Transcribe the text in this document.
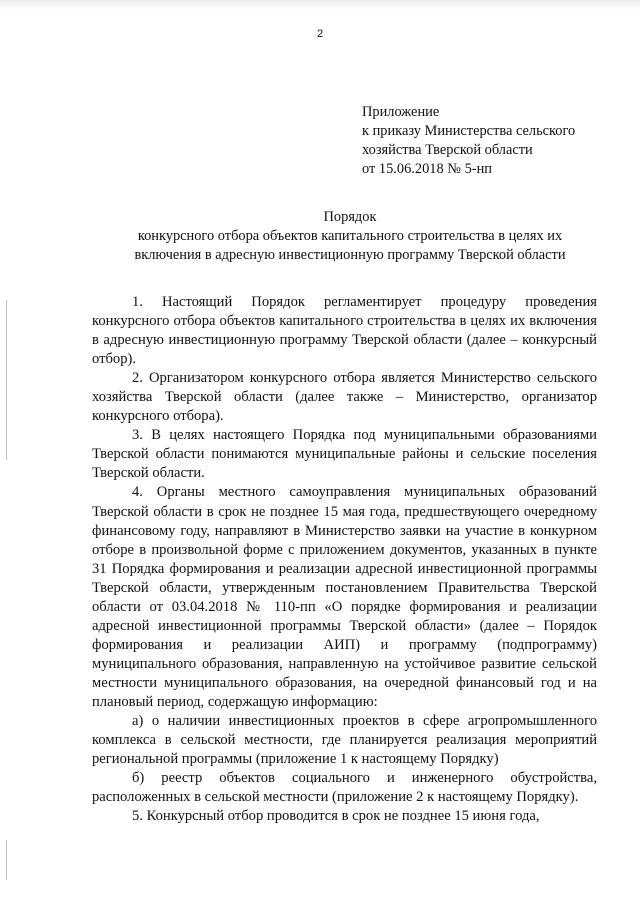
2
Приложение
к приказу Министерства сельского
хозяйства Тверской области
от 15.06.2018 № 5-нп
Порядок
конкурсного отбора объектов капитального строительства в целях их
включения в адресную инвестиционную программу Тверской области

1. Настоящий Порядок регламентирует процедуру проведения конкурсного отбора объектов капитального строительства в целях их включения в адресную инвестиционную программу Тверской области (далее – конкурсный отбор).

2. Организатором конкурсного отбора является Министерство сельского хозяйства Тверской области (далее также – Министерство, организатор конкурсного отбора).

3. В целях настоящего Порядка под муниципальными образованиями Тверской области понимаются муниципальные районы и сельские поселения Тверской области.

4. Органы местного самоуправления муниципальных образований Тверской области в срок не позднее 15 мая года, предшествующего очередному финансовому году, направляют в Министерство заявки на участие в конкурном отборе в произвольной форме с приложением документов, указанных в пункте 31 Порядка формирования и реализации адресной инвестиционной программы Тверской области, утвержденным постановлением Правительства Тверской области от 03.04.2018 № 110-пп «О порядке формирования и реализации адресной инвестиционной программы Тверской области» (далее – Порядок формирования и реализации АИП) и программу (подпрограмму) муниципального образования, направленную на устойчивое развитие сельской местности муниципального образования, на очередной финансовый год и на плановый период, содержащую информацию:

а) о наличии инвестиционных проектов в сфере агропромышленного комплекса в сельской местности, где планируется реализация мероприятий региональной программы (приложение 1 к настоящему Порядку)

б) реестр объектов социального и инженерного обустройства, расположенных в сельской местности (приложение 2 к настоящему Порядку).

5. Конкурсный отбор проводится в срок не позднее 15 июня года,
